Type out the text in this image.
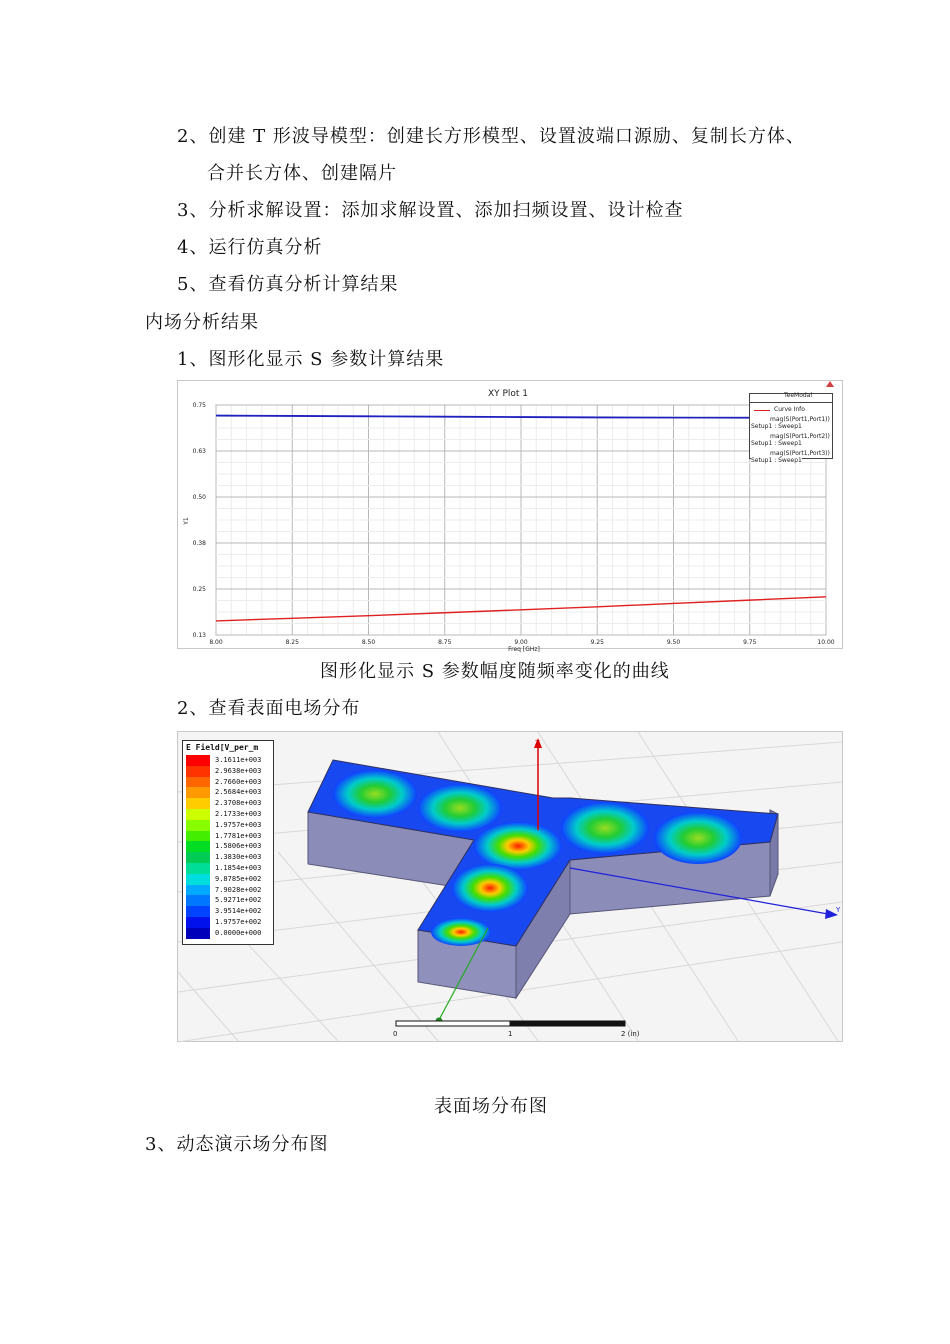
2、创建 T 形波导模型：创建长方形模型、设置波端口源励、复制长方体、
合并长方体、创建隔片
3、分析求解设置：添加求解设置、添加扫频设置、设计检查
4、运行仿真分析
5、查看仿真分析计算结果
内场分析结果
1、图形化显示 S 参数计算结果
8.00	8.25	8.50	8.75	9.00	9.25	9.50	9.75	10.00
0.75
0.63
0.50
0.38
0.25
0.13
XY Plot 1
Freq [GHz]
Y1
TeeModal
Curve Info
mag(S(Port1,Port1))
Setup1 : Sweep1
mag(S(Port1,Port2))
Setup1 : Sweep1
mag(S(Port1,Port3))
Setup1 : Sweep1
图形化显示 S 参数幅度随频率变化的曲线
2、查看表面电场分布
Z
Y
0	1	2 (in)
E Field[V_per_m
3.1611e+003
2.9638e+003
2.7660e+003
2.5684e+003
2.3708e+003
2.1733e+003
1.9757e+003
1.7781e+003
1.5806e+003
1.3830e+003
1.1854e+003
9.8785e+002
7.9028e+002
5.9271e+002
3.9514e+002
1.9757e+002
0.0000e+000
表面场分布图
3、动态演示场分布图
